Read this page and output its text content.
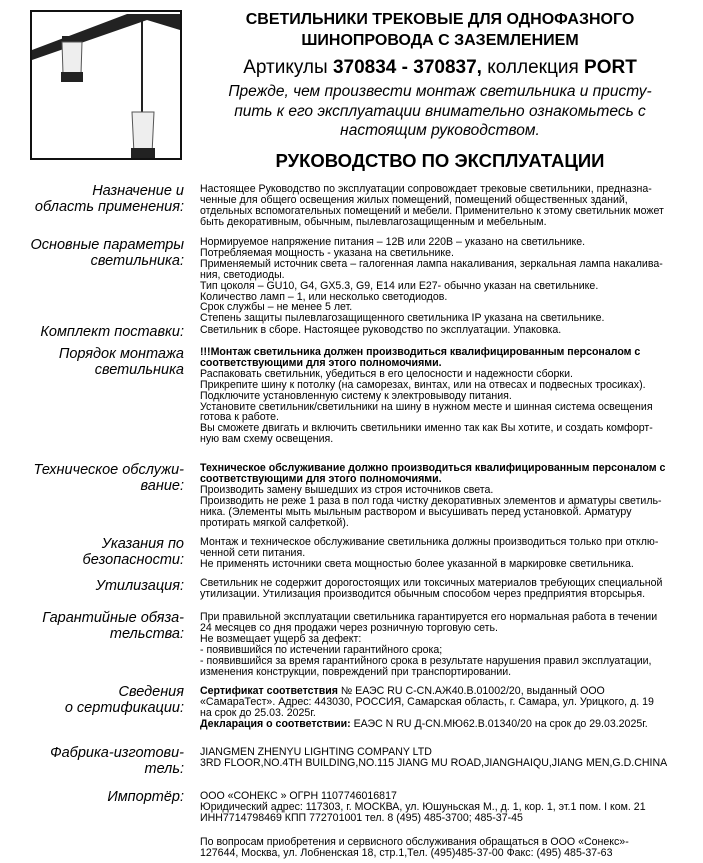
СВЕТИЛЬНИКИ ТРЕКОВЫЕ ДЛЯ ОДНОФАЗНОГО
ШИНОПРОВОДА С ЗАЗЕМЛЕНИЕМ
Артикулы 370834 - 370837, коллекция PORT
Прежде, чем произвести монтаж светильника и присту-
пить к его эксплуатации внимательно ознакомьтесь с
настоящим руководством.
РУКОВОДСТВО ПО ЭКСПЛУАТАЦИИ
Назначение и
область применения:
Настоящее Руководство по эксплуатации сопровождает трековые светильники, предназна-
ченные для общего освещения жилых помещений, помещений общественных зданий,
отдельных вспомогательных помещений и мебели. Применительно к этому светильник может
быть декоративным, обычным, пылевлагозащищенным и мебельным.
Основные параметры
светильника:
Нормируемое напряжение питания – 12В или 220В – указано на светильнике.
Потребляемая мощность - указана на светильнике.
Применяемый источник света – галогенная лампа накаливания, зеркальная лампа накалива-
ния, светодиоды.
Тип цоколя – GU10, G4, GX5.3, G9, E14 или E27- обычно указан на светильнике.
Количество ламп – 1, или несколько светодиодов.
Срок службы – не менее 5 лет.
Степень защиты пылевлагозащищенного светильника IP указана на светильнике.
Комплект поставки: Светильник в сборе. Настоящее руководство по эксплуатации. Упаковка.
Порядок монтажа
светильника
!!!Монтаж светильника должен производиться квалифицированным персоналом с
соответствующими для этого полномочиями.
Распаковать светильник, убедиться в его целосности и надежности сборки.
Прикрепите шину к потолку (на саморезах, винтах, или на отвесах и подвесных тросиках).
Подключите установленную систему к электровыводу питания.
Установите светильник/светильники на шину в нужном месте и шинная система освещения
готова к работе.
Вы сможете двигать и включить светильники именно так как Вы хотите, и создать комфорт-
ную вам схему освещения.
Техническое обслужи-
вание:
Техническое обслуживание должно производиться квалифицированным персоналом с
соответствующими для этого полномочиями.
Производить замену вышедших из строя источников света.
Производить не реже 1 раза в пол года чистку декоративных элементов и арматуры светиль-
ника. (Элементы мыть мыльным раствором и высушивать перед установкой. Арматуру
протирать мягкой салфеткой).
Указания по
безопасности:
Монтаж и техническое обслуживание светильника должны производиться только при отклю-
ченной сети питания.
Не применять источники света мощностью более указанной в маркировке светильника.
Утилизация: Светильник не содержит дорогостоящих или токсичных материалов требующих специальной
утилизации. Утилизация производится обычным способом через предприятия вторсырья.
Гарантийные обяза-
тельства:
При правильной эксплуатации светильника гарантируется его нормальная работа в течении
24 месяцев со дня продажи через розничную торговую сеть.
Не возмещает ущерб за дефект:
- появившийся по истечении гарантийного срока;
- появившийся за время гарантийного срока в результате нарушения правил эксплуатации,
изменения конструкции, повреждений при транспортировании.
Сведения
о сертификации:
Сертификат соответствия № ЕАЭС RU C-CN.АЖ40.В.01002/20, выданный ООО
«СамараТест». Адрес: 443030, РОССИЯ, Самарская область, г. Самара, ул. Урицкого, д. 19
на срок до 25.03. 2025г.
Декларация о соответствии: ЕАЭС N RU Д-CN.МЮ62.В.01340/20 на срок до 29.03.2025г.
Фабрика-изготови-
тель:
JIANGMEN ZHENYU LIGHTING COMPANY LTD
3RD FLOOR,NO.4TH BUILDING,NO.115 JIANG MU ROAD,JIANGHAIQU,JIANG MEN,G.D.CHINA
Импортёр: ООО «СОНЕКС » ОГРН 1107746016817
Юридический адрес: 117303, г. МОСКВА, ул. Юшуньская М., д. 1, кор. 1, эт.1 пом. I ком. 21
ИНН7714798469 КПП 772701001 тел. 8 (495) 485-3700; 485-37-45
По вопросам приобретения и сервисного обслуживания обращаться в ООО «Сонекс»-
127644, Москва, ул. Лобненская 18, стр.1,Тел. (495)485-37-00 Факс: (495) 485-37-63
